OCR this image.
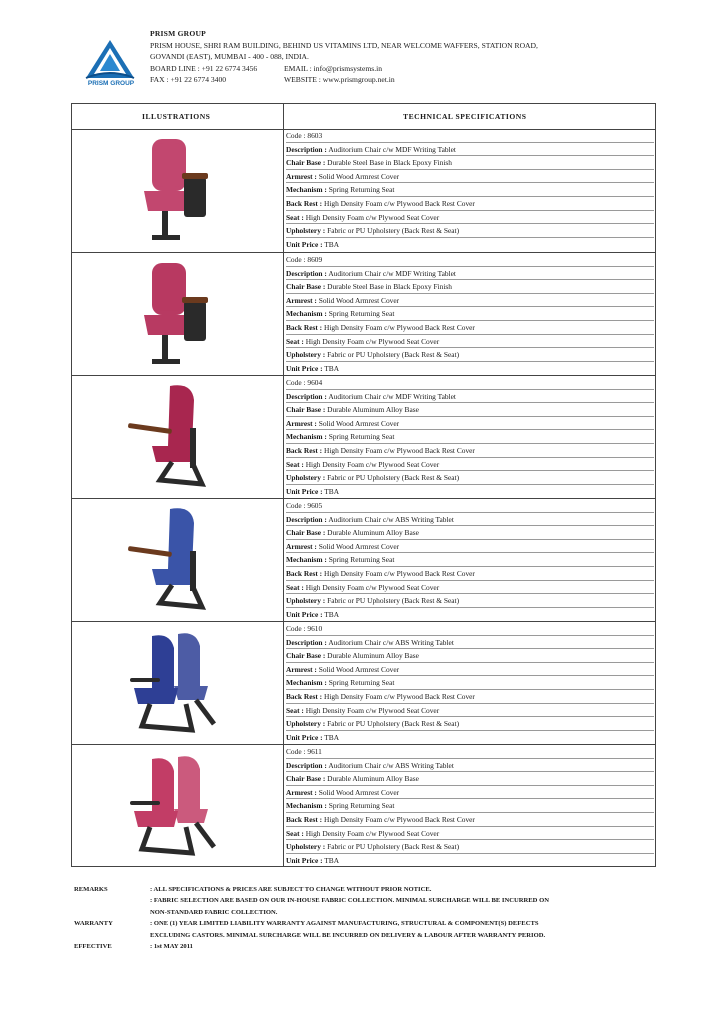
PRISM GROUP
PRISM GROUP
PRISM HOUSE, SHRI RAM BUILDING, BEHIND US VITAMINS LTD, NEAR WELCOME WAFFERS, STATION ROAD,
GOVANDI (EAST), MUMBAI - 400 - 088, INDIA.
BOARD LINE : +91 22 6774 3456	EMAIL : info@prismsystems.in
FAX : +91 22 6774 3400	WEBSITE : www.prismgroup.net.in
ILLUSTRATIONS	TECHNICAL SPECIFICATIONS
Code : 8603
Description : Auditorium Chair c/w MDF Writing Tablet
Chair Base : Durable Steel Base in Black Epoxy Finish
Armrest : Solid Wood Armrest Cover
Mechanism : Spring Returning Seat
Back Rest : High Density Foam c/w Plywood Back Rest Cover
Seat : High Density Foam c/w Plywood Seat Cover
Upholstery : Fabric or PU Upholstery (Back Rest & Seat)
Unit Price : TBA
Code : 8609
Description : Auditorium Chair c/w MDF Writing Tablet
Chair Base : Durable Steel Base in Black Epoxy Finish
Armrest : Solid Wood Armrest Cover
Mechanism : Spring Returning Seat
Back Rest : High Density Foam c/w Plywood Back Rest Cover
Seat : High Density Foam c/w Plywood Seat Cover
Upholstery : Fabric or PU Upholstery (Back Rest & Seat)
Unit Price : TBA
Code : 9604
Description : Auditorium Chair c/w MDF Writing Tablet
Chair Base : Durable Aluminum Alloy Base
Armrest : Solid Wood Armrest Cover
Mechanism : Spring Returning Seat
Back Rest : High Density Foam c/w Plywood Back Rest Cover
Seat : High Density Foam c/w Plywood Seat Cover
Upholstery : Fabric or PU Upholstery (Back Rest & Seat)
Unit Price : TBA
Code : 9605
Description : Auditorium Chair c/w ABS Writing Tablet
Chair Base : Durable Aluminum Alloy Base
Armrest : Solid Wood Armrest Cover
Mechanism : Spring Returning Seat
Back Rest : High Density Foam c/w Plywood Back Rest Cover
Seat : High Density Foam c/w Plywood Seat Cover
Upholstery : Fabric or PU Upholstery (Back Rest & Seat)
Unit Price : TBA
Code : 9610
Description : Auditorium Chair c/w ABS Writing Tablet
Chair Base : Durable Aluminum Alloy Base
Armrest : Solid Wood Armrest Cover
Mechanism : Spring Returning Seat
Back Rest : High Density Foam c/w Plywood Back Rest Cover
Seat : High Density Foam c/w Plywood Seat Cover
Upholstery : Fabric or PU Upholstery (Back Rest & Seat)
Unit Price : TBA
Code : 9611
Description : Auditorium Chair c/w ABS Writing Tablet
Chair Base : Durable Aluminum Alloy Base
Armrest : Solid Wood Armrest Cover
Mechanism : Spring Returning Seat
Back Rest : High Density Foam c/w Plywood Back Rest Cover
Seat : High Density Foam c/w Plywood Seat Cover
Upholstery : Fabric or PU Upholstery (Back Rest & Seat)
Unit Price : TBA
REMARKS	: ALL SPECIFICATIONS & PRICES ARE SUBJECT TO CHANGE WITHOUT PRIOR NOTICE.
: FABRIC SELECTION ARE BASED ON OUR IN-HOUSE FABRIC COLLECTION. MINIMAL SURCHARGE WILL BE INCURRED ON
NON-STANDARD FABRIC COLLECTION.
WARRANTY	: ONE (1) YEAR LIMITED LIABILITY WARRANTY AGAINST MANUFACTURING, STRUCTURAL & COMPONENT(S) DEFECTS
EXCLUDING CASTORS. MINIMAL SURCHARGE WILL BE INCURRED ON DELIVERY & LABOUR AFTER WARRANTY PERIOD.
EFFECTIVE	: 1st MAY 2011
